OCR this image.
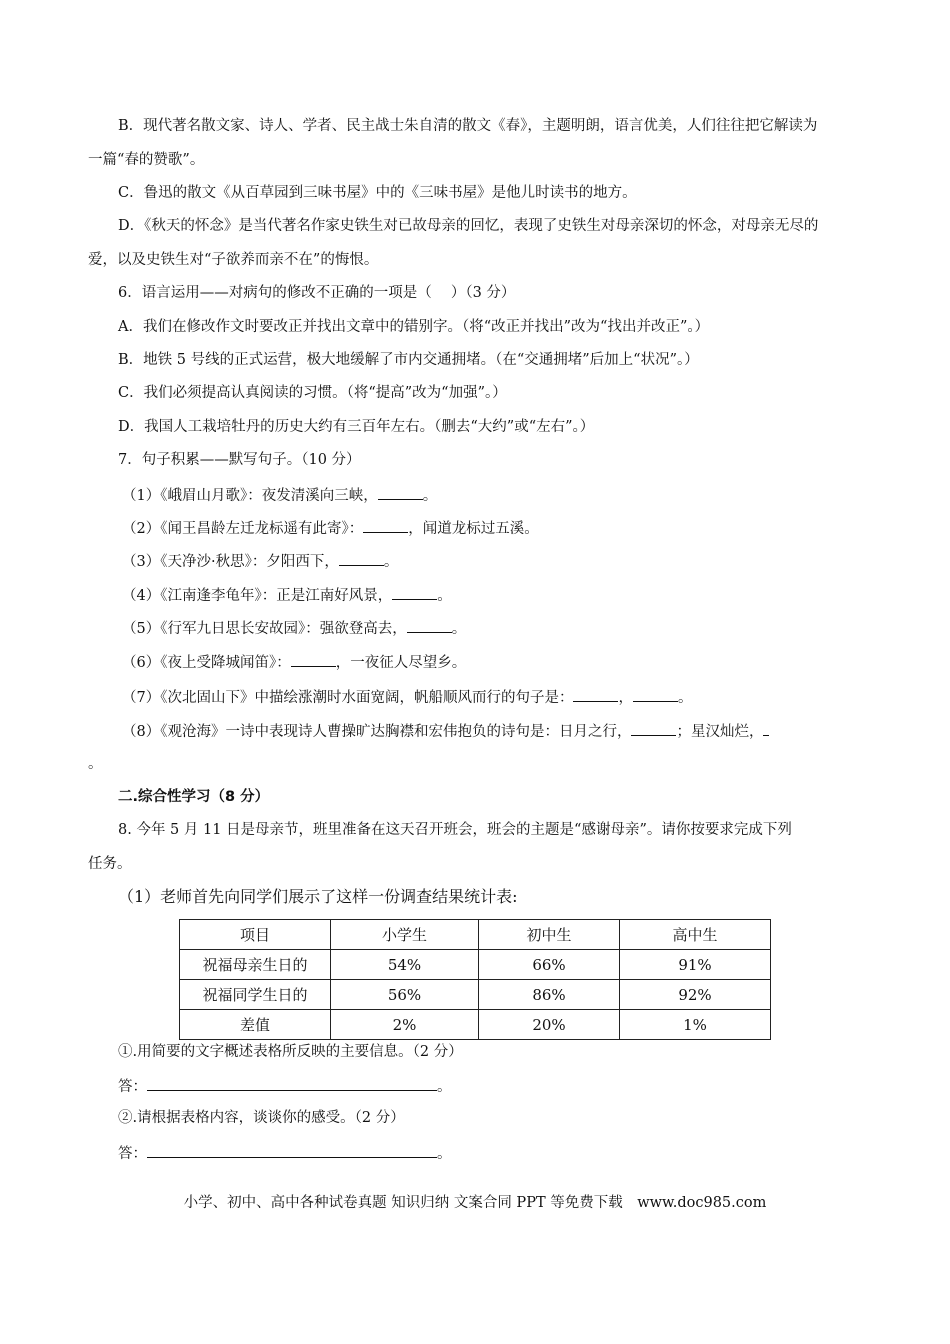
B．现代著名散文家、诗人、学者、民主战士朱自清的散文《春》，主题明朗，语言优美，人们往往把它解读为
一篇“春的赞歌”。
C．鲁迅的散文《从百草园到三味书屋》中的《三味书屋》是他儿时读书的地方。
D．《秋天的怀念》是当代著名作家史铁生对已故母亲的回忆，表现了史铁生对母亲深切的怀念，对母亲无尽的
爱，以及史铁生对“子欲养而亲不在”的悔恨。
6．语言运用——对病句的修改不正确的一项是（　 ）（3 分）
A．我们在修改作文时要改正并找出文章中的错别字。（将“改正并找出”改为“找出并改正”。）
B．地铁 5 号线的正式运营，极大地缓解了市内交通拥堵。（在“交通拥堵”后加上“状况”。）
C．我们必须提高认真阅读的习惯。（将“提高”改为“加强”。）
D．我国人工栽培牡丹的历史大约有三百年左右。（删去“大约”或“左右”。）
7．句子积累——默写句子。（10 分）
（1）《峨眉山月歌》：夜发清溪向三峡，	。
（2）《闻王昌龄左迁龙标遥有此寄》：	，闻道龙标过五溪。
（3）《天净沙·秋思》：夕阳西下，	。
（4）《江南逢李龟年》：正是江南好风景，	。
（5）《行军九日思长安故园》：强欲登高去，	。
（6）《夜上受降城闻笛》：	，一夜征人尽望乡。
（7）《次北固山下》中描绘涨潮时水面宽阔，帆船顺风而行的句子是：	，	。
（8）《观沧海》一诗中表现诗人曹操旷达胸襟和宏伟抱负的诗句是：日月之行，	；星汉灿烂，
。
二.综合性学习（8 分）
8. 今年 5 月 11 日是母亲节，班里准备在这天召开班会，班会的主题是“感谢母亲”。请你按要求完成下列
任务。
（1）老师首先向同学们展示了这样一份调查结果统计表:
项目	小学生	初中生	高中生
祝福母亲生日的	54%	66%	91%
祝福同学生日的	56%	86%	92%
差值	2%	20%	1%
①.用简要的文字概述表格所反映的主要信息。（2 分）
答：	。
②.请根据表格内容，谈谈你的感受。（2 分）
答：	。
小学、初中、高中各种试卷真题 知识归纳 文案合同 PPT 等免费下载　www.doc985.com
